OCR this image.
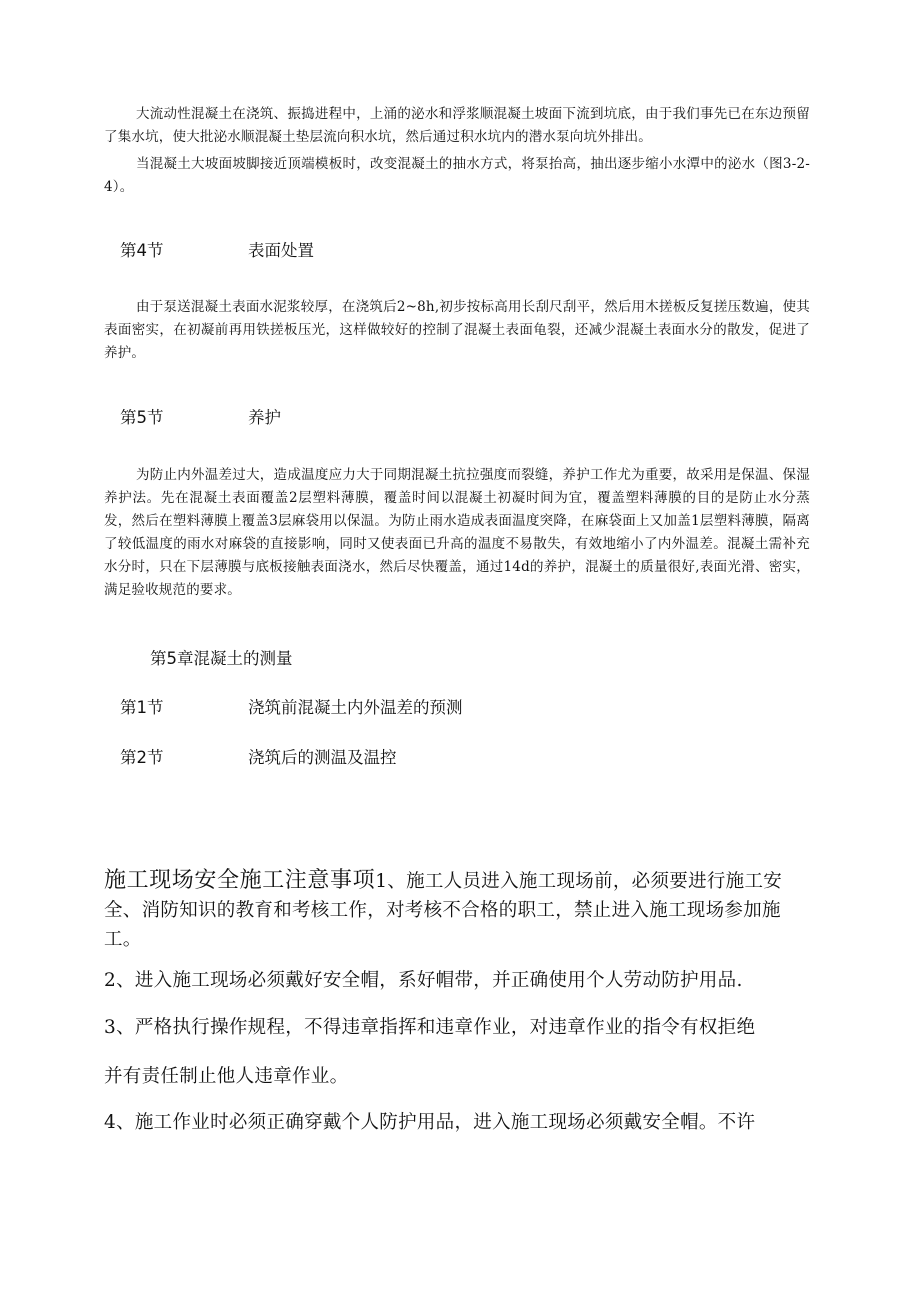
大流动性混凝土在浇筑、振捣进程中，上涌的泌水和浮浆顺混凝土坡面下流到坑底，由于我们事先已在东边预留了集水坑，使大批泌水顺混凝土垫层流向积水坑，然后通过积水坑内的潜水泵向坑外排出。

当混凝土大坡面坡脚接近顶端模板时，改变混凝土的抽水方式，将泵抬高，抽出逐步缩小水潭中的泌水（图3-2-4）。

第4节	表面处置

由于泵送混凝土表面水泥浆较厚，在浇筑后2~8h,初步按标高用长刮尺刮平，然后用木搓板反复搓压数遍，使其表面密实，在初凝前再用铁搓板压光，这样做较好的控制了混凝土表面龟裂，还减少混凝土表面水分的散发，促进了养护。

第5节	养护

为防止内外温差过大，造成温度应力大于同期混凝土抗拉强度而裂缝，养护工作尤为重要，故采用是保温、保湿养护法。先在混凝土表面覆盖2层塑料薄膜，覆盖时间以混凝土初凝时间为宜，覆盖塑料薄膜的目的是防止水分蒸发，然后在塑料薄膜上覆盖3层麻袋用以保温。为防止雨水造成表面温度突降，在麻袋面上又加盖1层塑料薄膜，隔离了较低温度的雨水对麻袋的直接影响，同时又使表面已升高的温度不易散失，有效地缩小了内外温差。混凝土需补充水分时，只在下层薄膜与底板接触表面浇水，然后尽快覆盖，通过14d的养护，混凝土的质量很好,表面光滑、密实，满足验收规范的要求。

第5章混凝土的测量
第1节	浇筑前混凝土内外温差的预测
第2节	浇筑后的测温及温控

施工现场安全施工注意事项1、施工人员进入施工现场前，必须要进行施工安全、消防知识的教育和考核工作，对考核不合格的职工，禁止进入施工现场参加施工。

2、进入施工现场必须戴好安全帽，系好帽带，并正确使用个人劳动防护用品.

3、严格执行操作规程，不得违章指挥和违章作业，对违章作业的指令有权拒绝

并有责任制止他人违章作业。

4、施工作业时必须正确穿戴个人防护用品，进入施工现场必须戴安全帽。不许
